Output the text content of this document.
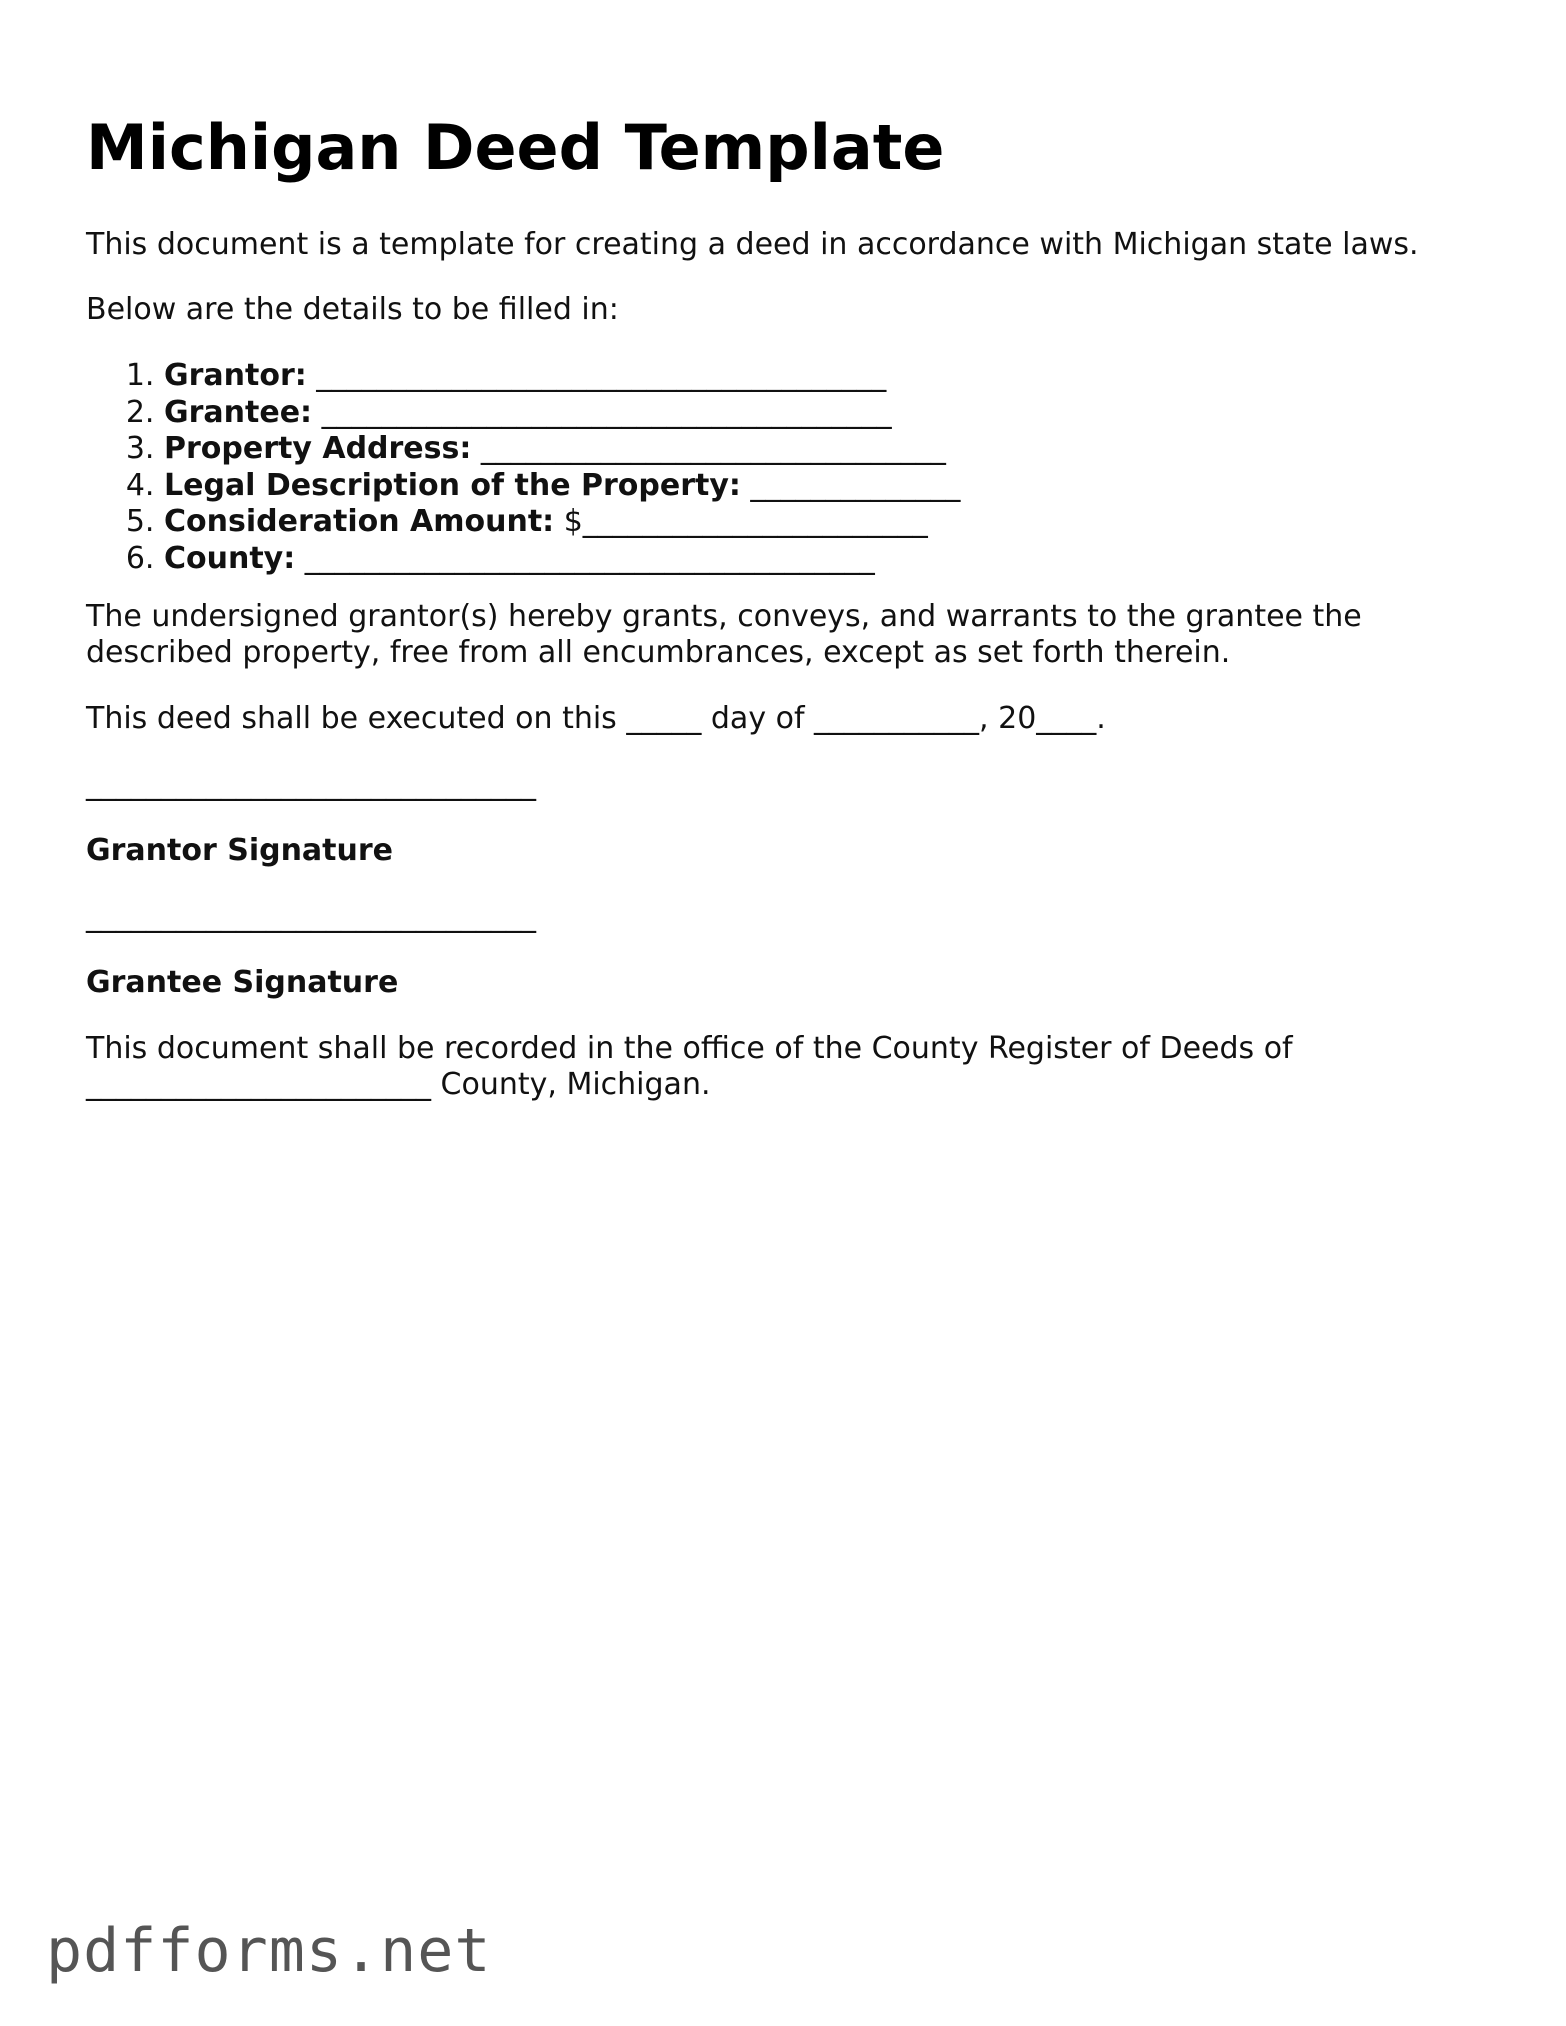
Michigan Deed Template

This document is a template for creating a deed in accordance with Michigan state laws.

Below are the details to be filled in:

1. Grantor: ______________________________________
2. Grantee: ______________________________________
3. Property Address: _______________________________
4. Legal Description of the Property: ______________
5. Consideration Amount: $_______________________
6. County: ______________________________________

The undersigned grantor(s) hereby grants, conveys, and warrants to the grantee the

described property, free from all encumbrances, except as set forth therein.

This deed shall be executed on this _____ day of ___________, 20____.

______________________________
Grantor Signature
______________________________
Grantee Signature

This document shall be recorded in the office of the County Register of Deeds of

_______________________ County, Michigan.

pdfforms.net
